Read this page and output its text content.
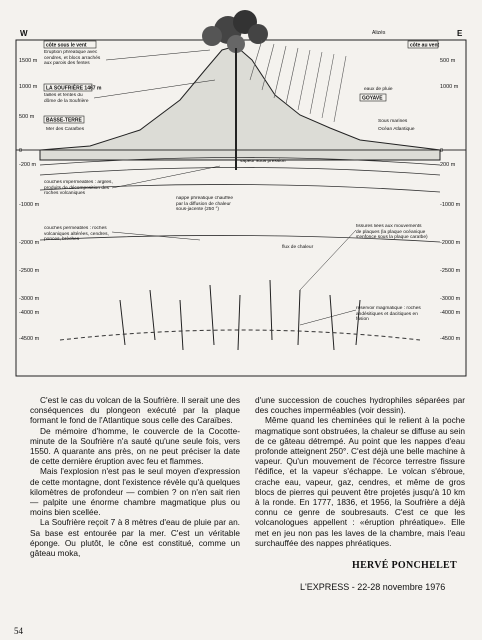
W	E
1500 m
1000 m
500 m
0
-200 m
-1000 m
-2000 m
-2500 m
-3000 m
-4000 m
-4500 m
500 m
1000 m
0
200 m
-1000 m
-2000 m
-2500 m
-3000 m
-4000 m
-4500 m
côte sous le vent
Éruption phréatique avec cendres, et blocs arrachés aux parois des fentes
LA SOUFRIÈRE 1467 m
failles et fentes du dôme de la Soufrière
BASSE-TERRE
Mer des Caraïbes
Alizés
côte au vent
eaux de pluie
GOYAVE
Sous marines
Océan Atlantique
vapeur sous pression
couches imperméables : argiles, produits de décomposition des roches volcaniques
nappe phréatique chauffée par la diffusion de chaleur sous-jacente (250 °)
couches perméables : roches volcaniques altérées, cendres, ponces, brèches
flux de chaleur
fissures liées aux mouvements de plaques (la plaque océanique s'enfonce sous la plaque caraïbe)
réservoir magmatique : roches andésitiques et dacitiques en fusion

C'est le cas du volcan de la Soufrière. Il serait une des conséquences du plongeon exécuté par la plaque formant le fond de l'Atlantique sous celle des Caraïbes.

De mémoire d'homme, le couvercle de la Cocotte-minute de la Soufrière n'a sauté qu'une seule fois, vers 1550. A quarante ans près, on ne peut préciser la date de cette dernière éruption avec feu et flammes.

Mais l'explosion n'est pas le seul moyen d'expression de cette montagne, dont l'existence révèle qu'à quelques kilomètres de profondeur — combien ? on n'en sait rien — palpite une énorme chambre magmatique plus ou moins bien scellée.

La Soufrière reçoit 7 à 8 mètres d'eau de pluie par an. Sa base est entourée par la mer. C'est un véritable éponge. Ou plutôt, le cône est constitué, comme un gâteau moka,

d'une succession de couches hydrophiles séparées par des couches imperméables (voir dessin).

Même quand les cheminées qui le relient à la poche magmatique sont obstruées, la chaleur se diffuse au sein de ce gâteau détrempé. Au point que les nappes d'eau profonde atteignent 250°. C'est déjà une belle machine à vapeur. Qu'un mouvement de l'écorce terrestre fissure l'édifice, et la vapeur s'échappe. Le volcan s'ébroue, crache eau, vapeur, gaz, cendres, et même de gros blocs de pierres qui peuvent être projetés jusqu'à 10 km à la ronde. En 1777, 1836, et 1956, la Soufrière a déjà connu ce genre de soubresauts. C'est ce que les volcanologues appellent : «éruption phréatique». Elle met en jeu non pas les laves de la chambre, mais l'eau surchauffée des nappes phréatiques.

HERVÉ PONCHELET
L'EXPRESS - 22-28 novembre 1976
54
